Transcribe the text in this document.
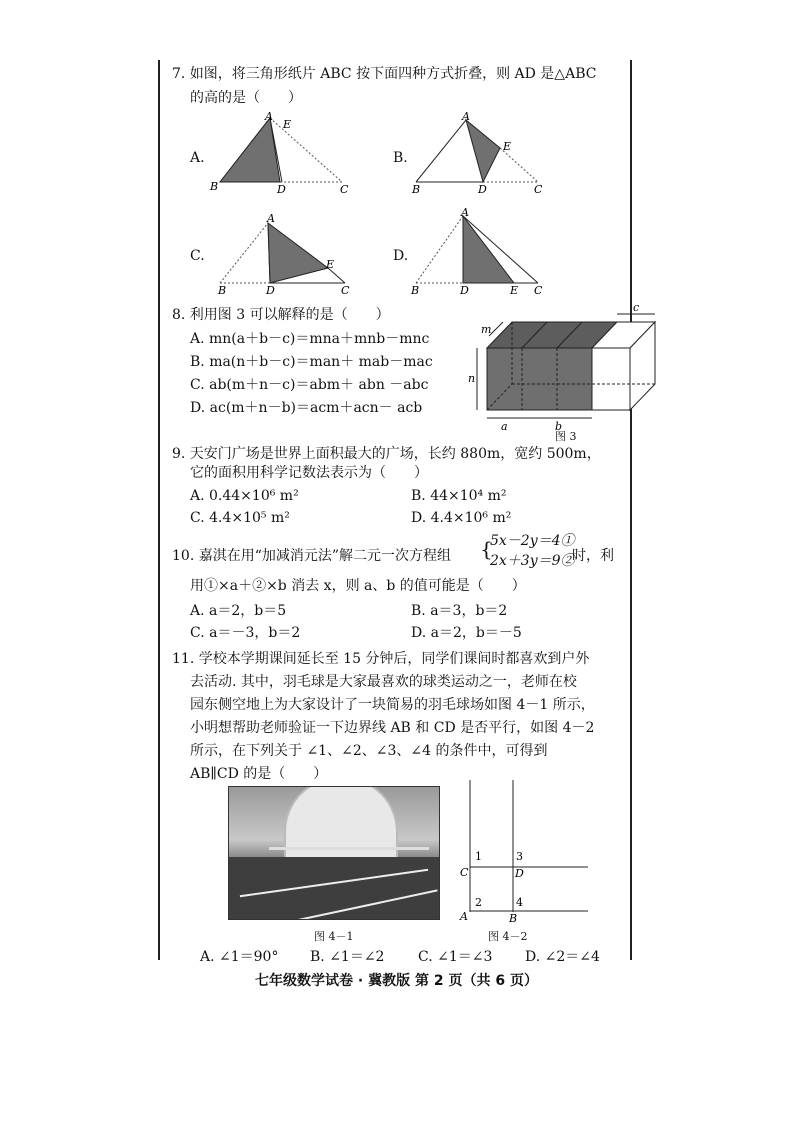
7. 如图，将三角形纸片 ABC 按下面四种方式折叠，则 AD 是△ABC
的高的是（　　）
A.
A
E
B	D	C
B.
A
E
B	D	C
C.
A
E
B	D	C
D.
A
B	D	E C
8. 利用图 3 可以解释的是（　　）
A. mn(a＋b－c)＝mna＋mnb－mnc
B. ma(n＋b－c)＝man＋ mab－mac
C. ab(m＋n－c)＝abm＋ abn －abc
D. ac(m＋n－b)＝acm＋acn－ acb
m
n
a	b
c
图 3
9. 天安门广场是世界上面积最大的广场，长约 880m，宽约 500m，
它的面积用科学记数法表示为（　　）
A. 0.44×10⁶ m²	B. 44×10⁴ m²
C. 4.4×10⁵ m²	D. 4.4×10⁶ m²
10. 嘉淇在用“加减消元法”解二元一次方程组 {
5x－2y＝4①
2x＋3y＝9②
时，利
用①×a＋②×b 消去 x，则 a、b 的值可能是（　　）
A. a＝2，b＝5	B. a＝3，b＝2
C. a＝－3，b＝2	D. a＝2，b＝－5
11. 学校本学期课间延长至 15 分钟后，同学们课间时都喜欢到户外
去活动. 其中，羽毛球是大家最喜欢的球类运动之一，老师在校
园东侧空地上为大家设计了一块简易的羽毛球场如图 4－1 所示，
小明想帮助老师验证一下边界线 AB 和 CD 是否平行，如图 4－2
所示，在下列关于 ∠1、∠2、∠3、∠4 的条件中，可得到
AB∥CD 的是（　　）
图 4－1
1
2
3
4
C	D
A	B
图 4－2
A. ∠1＝90° B. ∠1＝∠2 C. ∠1＝∠3 D. ∠2＝∠4
七年级数学试卷 · 冀教版 第 2 页（共 6 页）
